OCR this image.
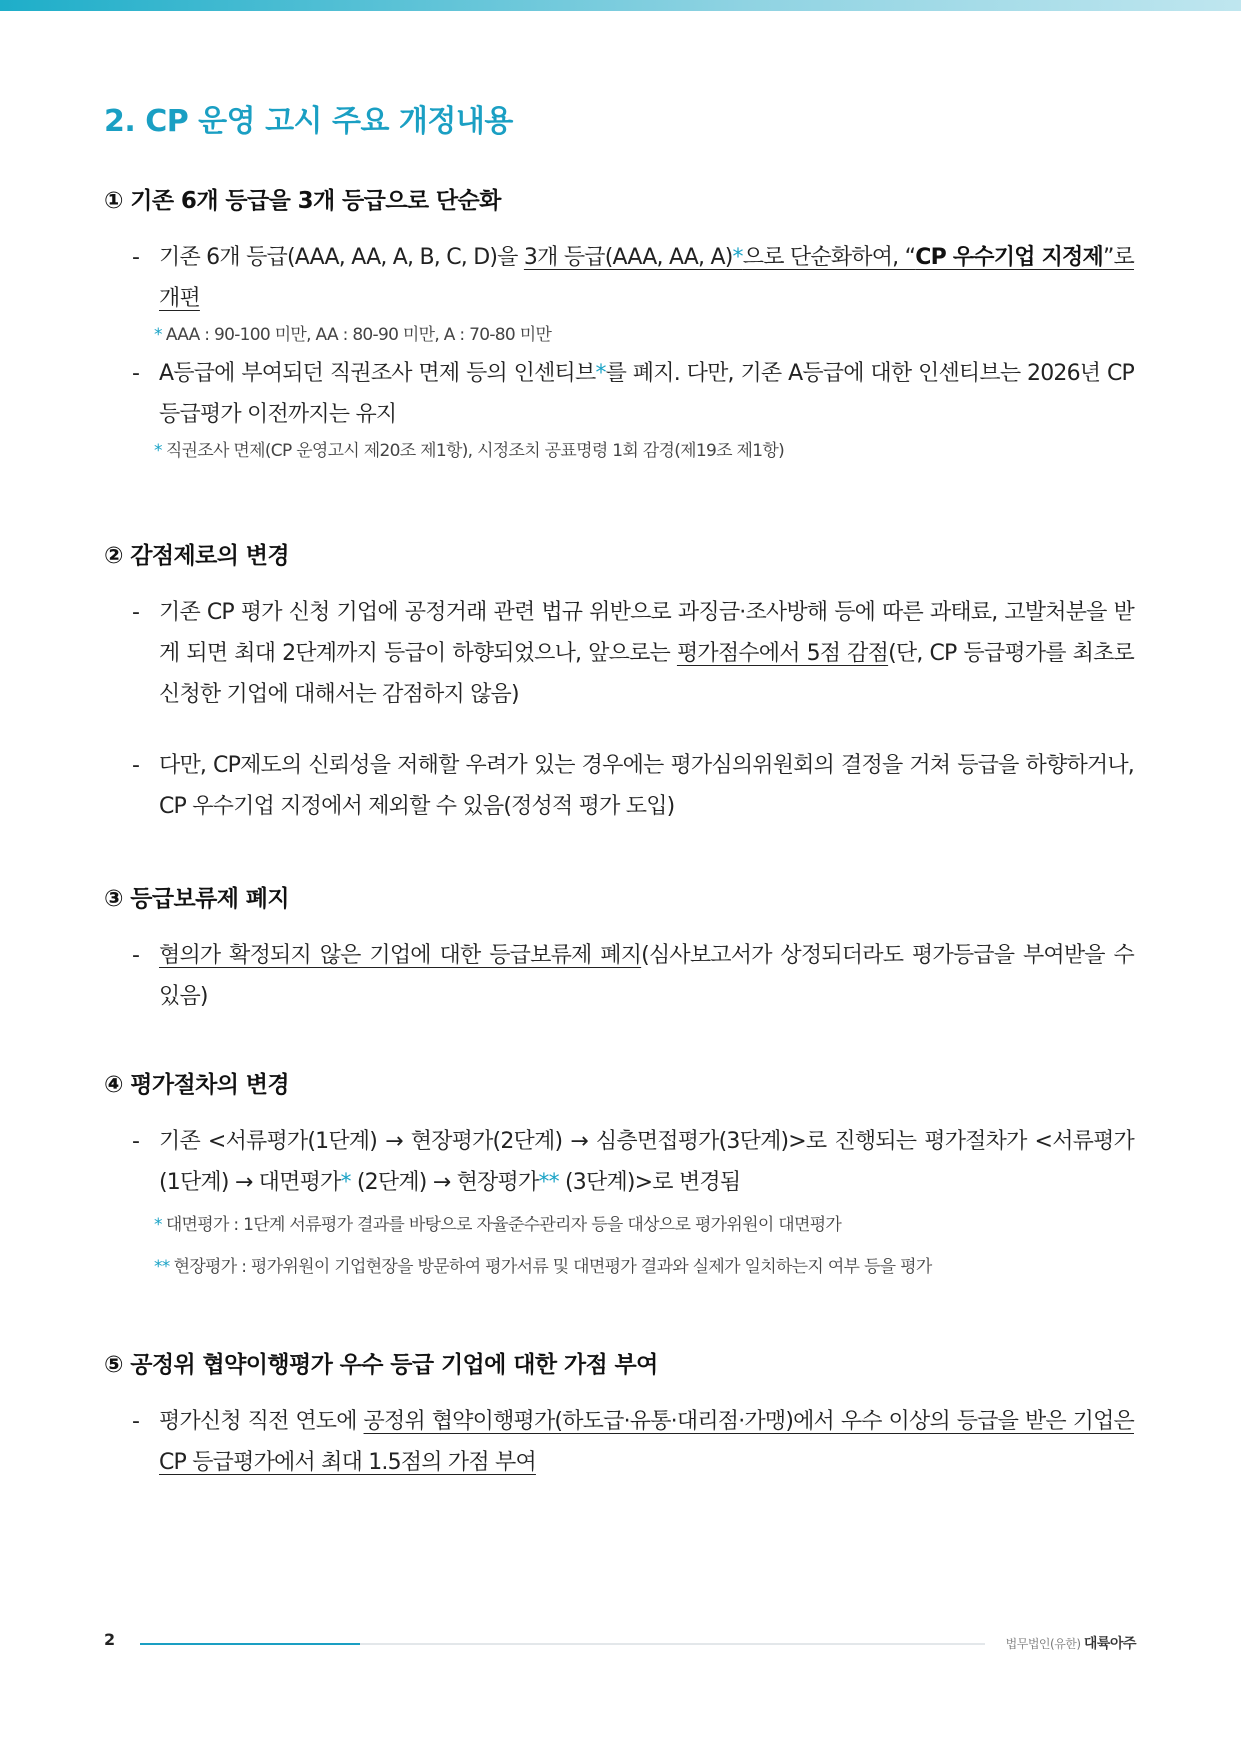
2. CP 운영 고시 주요 개정내용
① 기존 6개 등급을 3개 등급으로 단순화
- 기존 6개 등급(AAA, AA, A, B, C, D)을 3개 등급(AAA, AA, A)*으로 단순화하여, “CP 우수기업 지정제”로 개편
* AAA : 90-100 미만, AA : 80-90 미만, A : 70-80 미만
- A등급에 부여되던 직권조사 면제 등의 인센티브*를 폐지. 다만, 기존 A등급에 대한 인센티브는 2026년 CP 등급평가 이전까지는 유지
* 직권조사 면제(CP 운영고시 제20조 제1항), 시정조치 공표명령 1회 감경(제19조 제1항)
② 감점제로의 변경
- 기존 CP 평가 신청 기업에 공정거래 관련 법규 위반으로 과징금·조사방해 등에 따른 과태료, 고발처분을 받게 되면 최대 2단계까지 등급이 하향되었으나, 앞으로는 평가점수에서 5점 감점(단, CP 등급평가를 최초로 신청한 기업에 대해서는 감점하지 않음)
- 다만, CP제도의 신뢰성을 저해할 우려가 있는 경우에는 평가심의위원회의 결정을 거쳐 등급을 하향하거나, CP 우수기업 지정에서 제외할 수 있음(정성적 평가 도입)
③ 등급보류제 폐지
- 혐의가 확정되지 않은 기업에 대한 등급보류제 폐지(심사보고서가 상정되더라도 평가등급을 부여받을 수 있음)
④ 평가절차의 변경
- 기존 <서류평가(1단계) → 현장평가(2단계) → 심층면접평가(3단계)>로 진행되는 평가절차가 <서류평가(1단계) → 대면평가* (2단계) → 현장평가** (3단계)>로 변경됨
* 대면평가 : 1단계 서류평가 결과를 바탕으로 자율준수관리자 등을 대상으로 평가위원이 대면평가
** 현장평가 : 평가위원이 기업현장을 방문하여 평가서류 및 대면평가 결과와 실제가 일치하는지 여부 등을 평가
⑤ 공정위 협약이행평가 우수 등급 기업에 대한 가점 부여
- 평가신청 직전 연도에 공정위 협약이행평가(하도급·유통·대리점·가맹)에서 우수 이상의 등급을 받은 기업은 CP 등급평가에서 최대 1.5점의 가점 부여
2	법무법인(유한) 대륙아주
